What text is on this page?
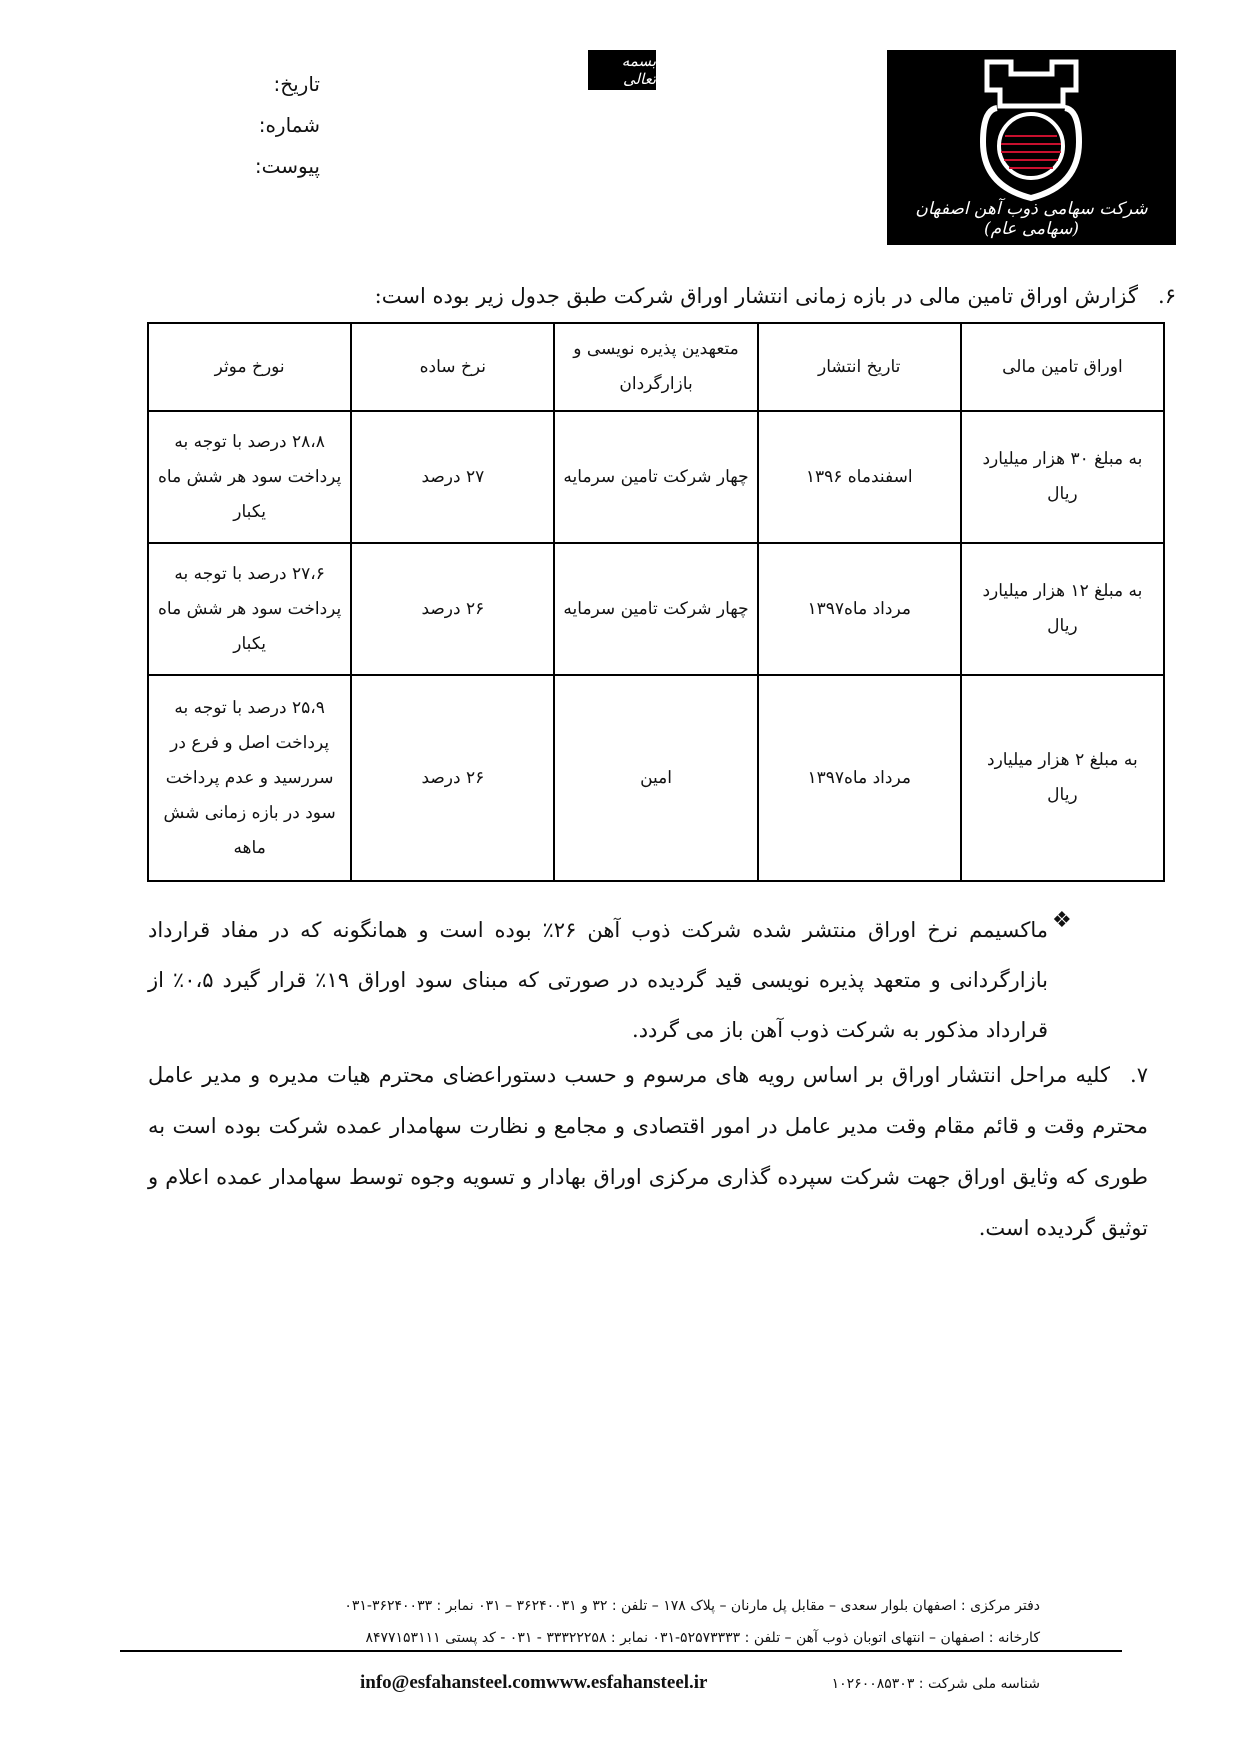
تاریخ:
شماره:
پیوست:
بسمه تعالی
شرکت سهامی ذوب آهن اصفهان (سهامی عام)
۶.گزارش اوراق تامین مالی در بازه زمانی انتشار اوراق شرکت طبق جدول زیر بوده است:
اوراق تامین مالی	تاریخ انتشار	متعهدین پذیره نویسی و بازارگردان	نرخ ساده	نورخ موثر
به مبلغ ۳۰ هزار میلیارد ریال	اسفندماه ۱۳۹۶	چهار شرکت تامین سرمایه	۲۷ درصد	۲۸،۸ درصد با توجه به پرداخت سود هر شش ماه یکبار
به مبلغ ۱۲ هزار میلیارد ریال	مرداد ماه۱۳۹۷	چهار شرکت تامین سرمایه	۲۶ درصد	۲۷،۶ درصد با توجه به پرداخت سود هر شش ماه یکبار
به مبلغ ۲ هزار میلیارد ریال	مرداد ماه۱۳۹۷	امین	۲۶ درصد	۲۵،۹ درصد با توجه به پرداخت اصل و فرع در سررسید و عدم پرداخت سود در بازه زمانی شش ماهه
❖
ماکسیمم نرخ اوراق منتشر شده شرکت ذوب آهن ۲۶٪ بوده است و همانگونه که در مفاد قرارداد بازارگردانی و متعهد پذیره نویسی قید گردیده در صورتی که مبنای سود اوراق ۱۹٪ قرار گیرد ۰،۵٪ از قرارداد مذکور به شرکت ذوب آهن باز می گردد.
۷.کلیه مراحل انتشار اوراق بر اساس رویه های مرسوم و حسب دستوراعضای محترم هیات مدیره و مدیر عامل محترم وقت و قائم مقام وقت مدیر عامل در امور اقتصادی و مجامع و نظارت سهامدار عمده شرکت بوده است به طوری که وثایق اوراق جهت شرکت سپرده گذاری مرکزی اوراق بهادار و تسویه وجوه توسط سهامدار عمده اعلام و توثیق گردیده است.
دفتر مرکزی : اصفهان بلوار سعدی – مقابل پل مارنان – پلاک ۱۷۸ – تلفن : ۳۲ و ۳۶۲۴۰۰۳۱ – ۰۳۱ نمابر : ۳۶۲۴۰۰۳۳-۰۳۱
کارخانه : اصفهان – انتهای اتوبان ذوب آهن – تلفن : ۵۲۵۷۳۳۳۳-۰۳۱ نمابر : ۳۳۳۲۲۲۵۸ - ۰۳۱ - کد پستی ۸۴۷۷۱۵۳۱۱۱
شناسه ملی شرکت : ۱۰۲۶۰۰۸۵۳۰۳
info@esfahansteel.comwww.esfahansteel.ir
